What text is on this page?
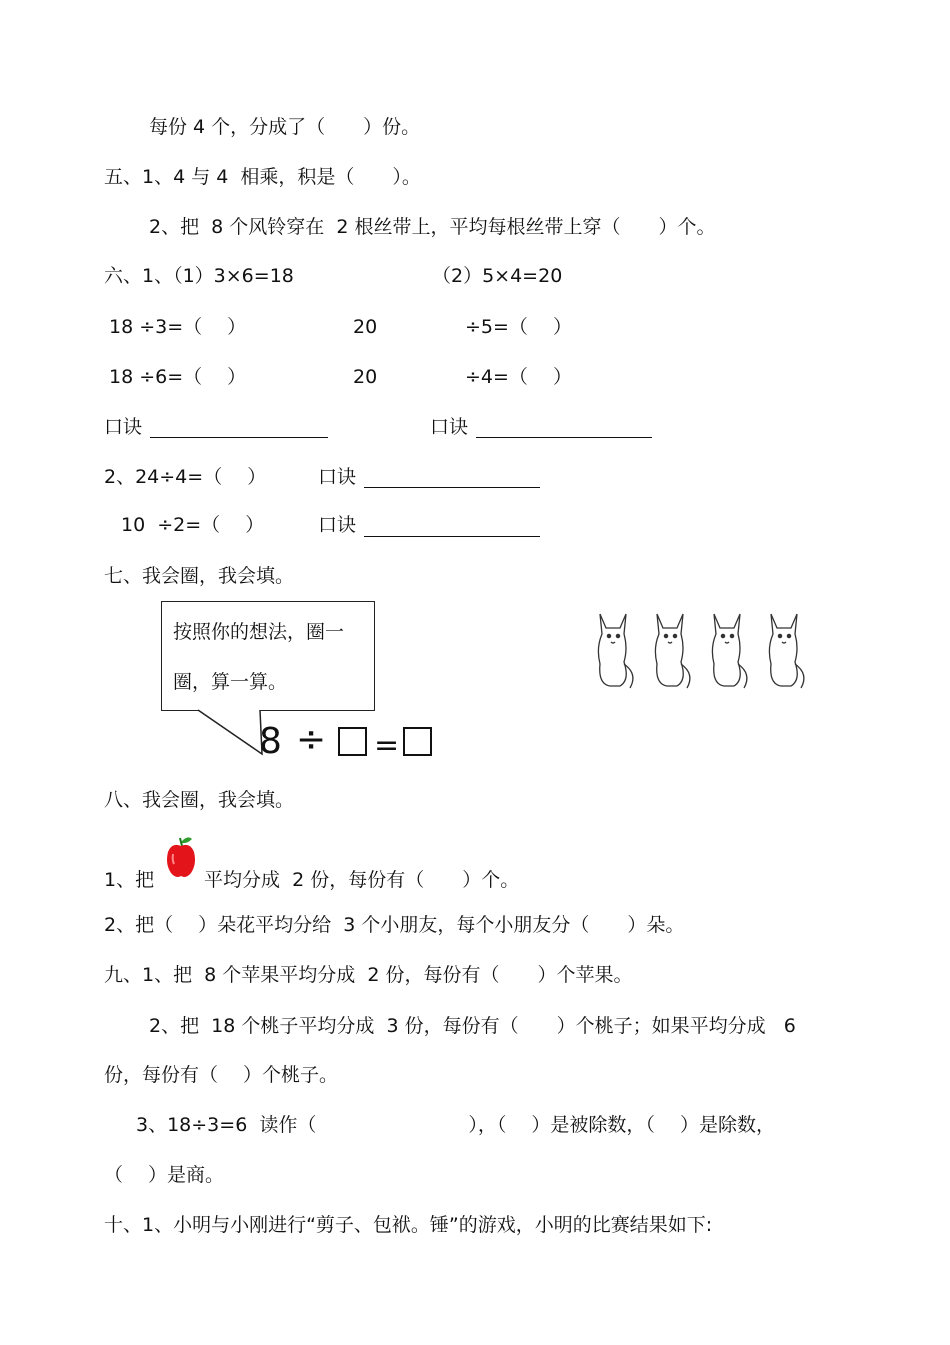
每份 4 个，分成了（　　）份。
五、1、4 与 4  相乘，积是（　　）。
2、把  8 个风铃穿在  2 根丝带上，平均每根丝带上穿（　　）个。
六、1、（1）3×6=18	（2）5×4=20
18 ÷3=（　 ）	20	÷5=（　 ）
18 ÷6=（　 ）	20	÷4=（　 ）
口诀	口诀
2、24÷4=（　 ）	口诀
10  ÷2=（　 ）	口诀
七、我会圈，我会填。
按照你的想法，圈一
圈，算一算。
8 ÷ =
八、我会圈，我会填。
1、把	平均分成  2 份，每份有（　　）个。
2、把（　 ）朵花平均分给  3 个小朋友，每个小朋友分（　　）朵。
九、1、把  8 个苹果平均分成  2 份，每份有（　　）个苹果。
2、把  18 个桃子平均分成  3 份，每份有（　　）个桃子；如果平均分成   6
份，每份有（　 ）个桃子。
3、18÷3=6  读作（　　　　　　　　），（　 ）是被除数，（　 ）是除数，
（　 ）是商。
十、1、小明与小刚进行“剪子、包袱。锤”的游戏，小明的比赛结果如下:
